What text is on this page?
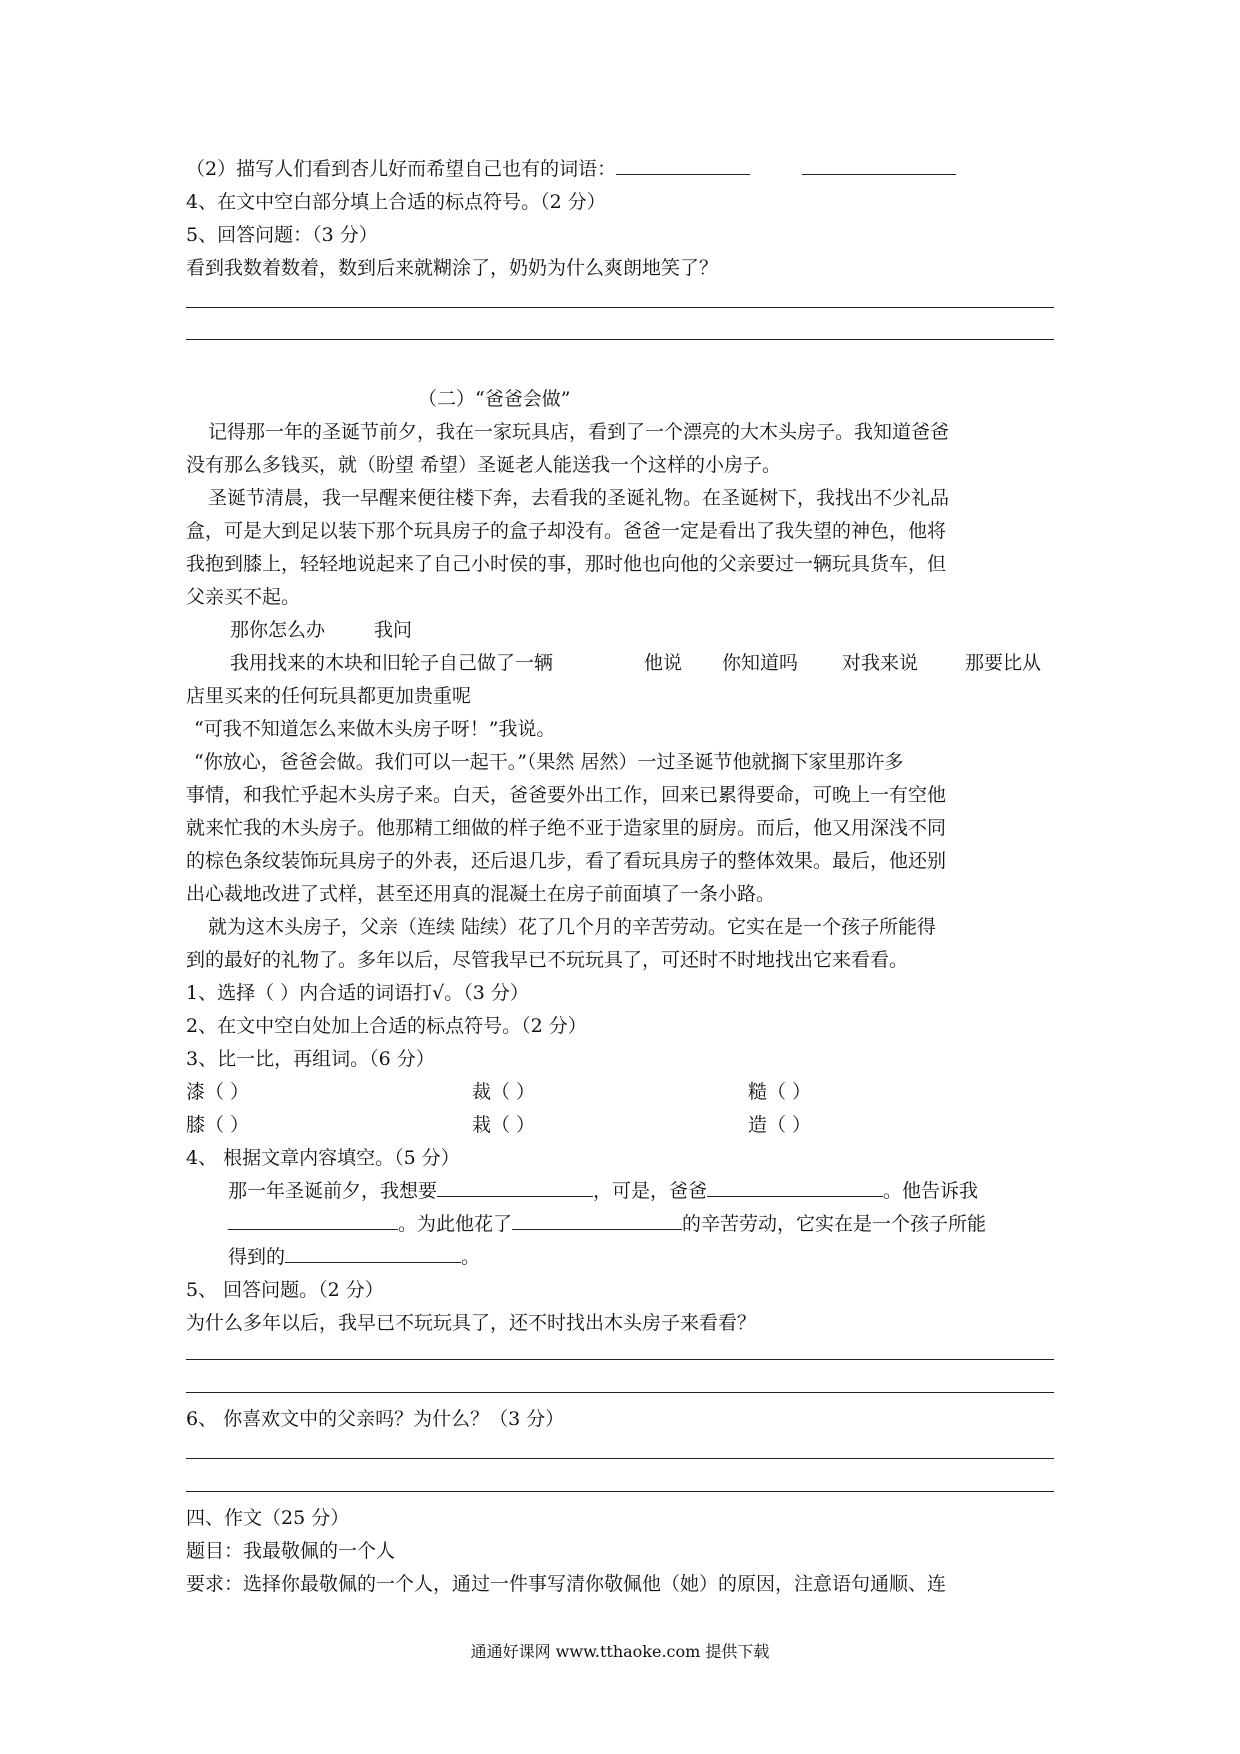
（2）描写人们看到杏儿好而希望自己也有的词语：
4、在文中空白部分填上合适的标点符号。（2 分）
5、回答问题：（3 分）
看到我数着数着，数到后来就糊涂了，奶奶为什么爽朗地笑了？
（二）“爸爸会做”
记得那一年的圣诞节前夕，我在一家玩具店，看到了一个漂亮的大木头房子。我知道爸爸
没有那么多钱买，就（盼望 希望）圣诞老人能送我一个这样的小房子。
圣诞节清晨，我一早醒来便往楼下奔，去看我的圣诞礼物。在圣诞树下，我找出不少礼品
盒，可是大到足以装下那个玩具房子的盒子却没有。爸爸一定是看出了我失望的神色，他将
我抱到膝上，轻轻地说起来了自己小时侯的事，那时他也向他的父亲要过一辆玩具货车，但
父亲买不起。
那你怎么办	我问
我用找来的木块和旧轮子自己做了一辆	他说 你知道吗 对我来说 那要比从
店里买来的任何玩具都更加贵重呢
“可我不知道怎么来做木头房子呀！”我说。
“你放心，爸爸会做。我们可以一起干。”（果然 居然）一过圣诞节他就搁下家里那许多
事情，和我忙乎起木头房子来。白天，爸爸要外出工作，回来已累得要命，可晚上一有空他
就来忙我的木头房子。他那精工细做的样子绝不亚于造家里的厨房。而后，他又用深浅不同
的棕色条纹装饰玩具房子的外表，还后退几步，看了看玩具房子的整体效果。最后，他还别
出心裁地改进了式样，甚至还用真的混凝土在房子前面填了一条小路。
就为这木头房子，父亲（连续 陆续）花了几个月的辛苦劳动。它实在是一个孩子所能得
到的最好的礼物了。多年以后，尽管我早已不玩玩具了，可还时不时地找出它来看看。
1、选择（ ）内合适的词语打√。（3 分）
2、在文中空白处加上合适的标点符号。（2 分）
3、比一比，再组词。（6 分）
漆（ ）	裁（ ）	糙（ ）
膝（ ）	栽（ ）	造（ ）
4、 根据文章内容填空。（5 分）
那一年圣诞前夕，我想要	，可是，爸爸	。他告诉我
。为此他花了	的辛苦劳动，它实在是一个孩子所能
得到的	。
5、 回答问题。（2 分）
为什么多年以后，我早已不玩玩具了，还不时找出木头房子来看看？
6、 你喜欢文中的父亲吗？为什么？（3 分）
四、作文（25 分）
题目：我最敬佩的一个人
要求：选择你最敬佩的一个人，通过一件事写清你敬佩他（她）的原因，注意语句通顺、连
通通好课网 www.tthaoke.com 提供下载
